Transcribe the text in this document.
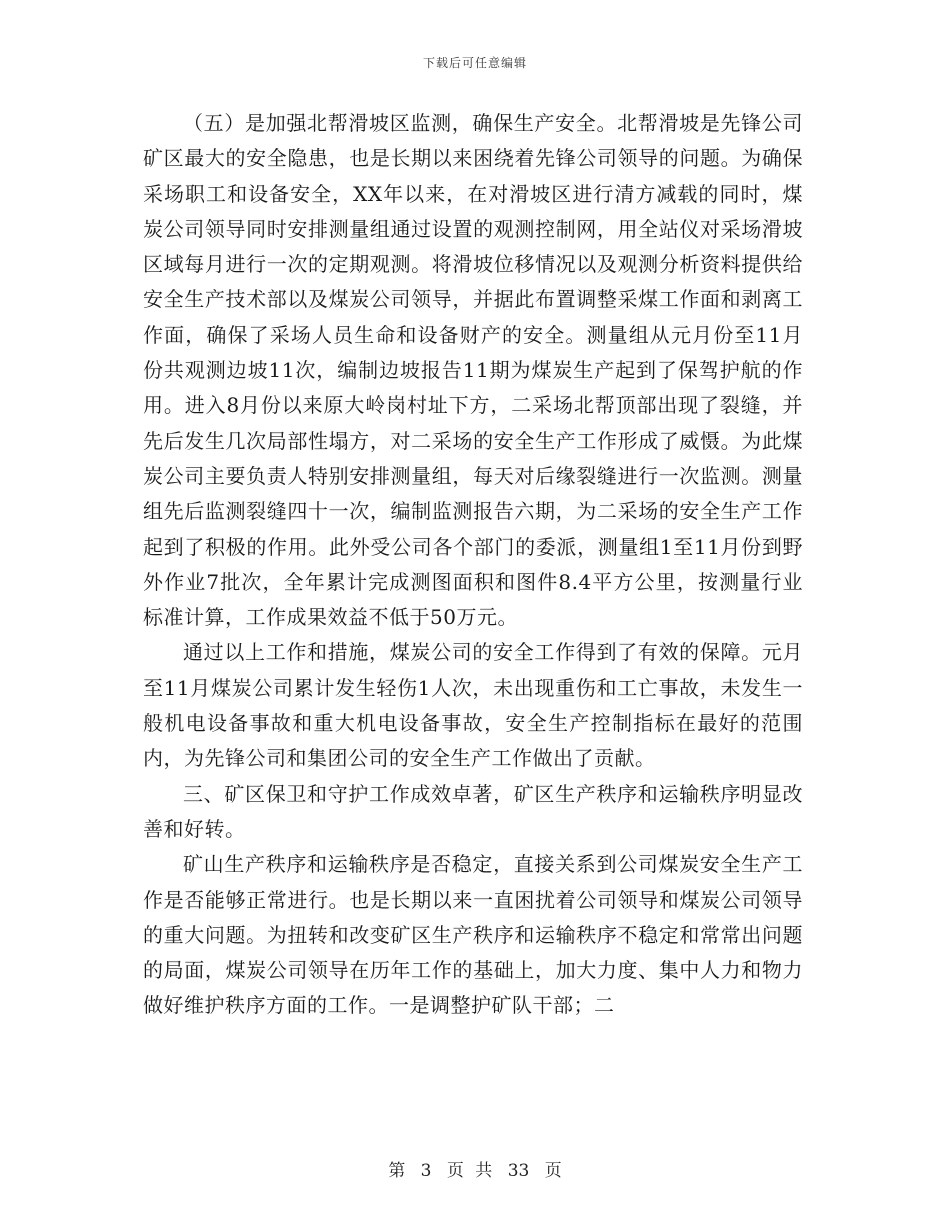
下载后可任意编辑

（五）是加强北帮滑坡区监测，确保生产安全。北帮滑坡是先锋公司矿区最大的安全隐患，也是长期以来困绕着先锋公司领导的问题。为确保采场职工和设备安全，XX年以来，在对滑坡区进行清方减载的同时，煤炭公司领导同时安排测量组通过设置的观测控制网，用全站仪对采场滑坡区域每月进行一次的定期观测。将滑坡位移情况以及观测分析资料提供给安全生产技术部以及煤炭公司领导，并据此布置调整采煤工作面和剥离工作面，确保了采场人员生命和设备财产的安全。测量组从元月份至11月份共观测边坡11次，编制边坡报告11期为煤炭生产起到了保驾护航的作用。进入8月份以来原大岭岗村址下方，二采场北帮顶部出现了裂缝，并先后发生几次局部性塌方，对二采场的安全生产工作形成了威慑。为此煤炭公司主要负责人特别安排测量组，每天对后缘裂缝进行一次监测。测量组先后监测裂缝四十一次，编制监测报告六期，为二采场的安全生产工作起到了积极的作用。此外受公司各个部门的委派，测量组1至11月份到野外作业7批次，全年累计完成测图面积和图件8.4平方公里，按测量行业标准计算，工作成果效益不低于50万元。

通过以上工作和措施，煤炭公司的安全工作得到了有效的保障。元月至11月煤炭公司累计发生轻伤1人次，未出现重伤和工亡事故，未发生一般机电设备事故和重大机电设备事故，安全生产控制指标在最好的范围内，为先锋公司和集团公司的安全生产工作做出了贡献。

三、矿区保卫和守护工作成效卓著，矿区生产秩序和运输秩序明显改善和好转。

矿山生产秩序和运输秩序是否稳定，直接关系到公司煤炭安全生产工作是否能够正常进行。也是长期以来一直困扰着公司领导和煤炭公司领导的重大问题。为扭转和改变矿区生产秩序和运输秩序不稳定和常常出问题的局面，煤炭公司领导在历年工作的基础上，加大力度、集中人力和物力做好维护秩序方面的工作。一是调整护矿队干部；二

第 3 页 共 33 页
